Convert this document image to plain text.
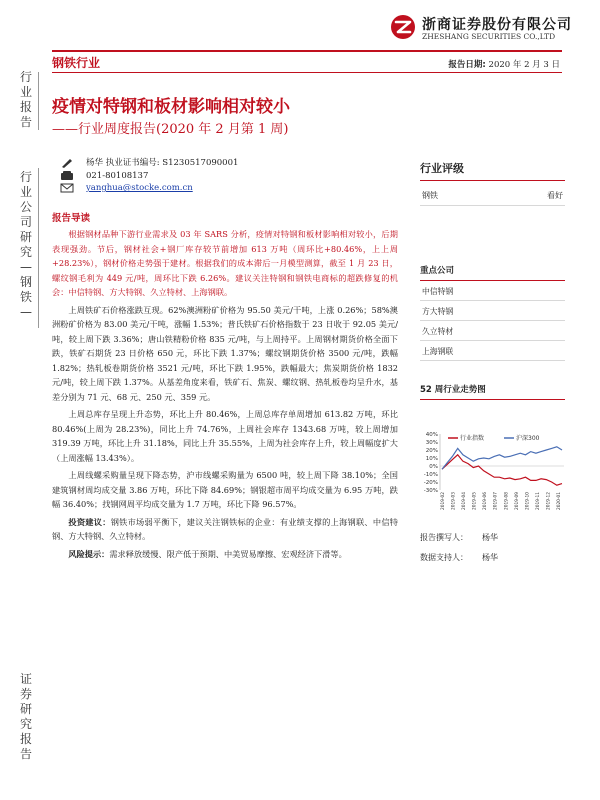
浙商证券股份有限公司
ZHESHANG SECURITIES CO.,LTD
钢铁行业	报告日期: 2020 年 2 月 3 日
行
业
报
告
行
业
公
司
研
究
—
钢
铁
—
证
券
研
究
报
告
疫情对特钢和板材影响相对较小
——行业周度报告(2020 年 2 月第 1 周)
杨华 执业证书编号: S1230517090001
021-80108137
yanghua@stocke.com.cn
报告导读

根据钢材品种下游行业需求及 03 年 SARS 分析，疫情对特钢和板材影响相对较小，后期表现强劲。节后，钢材社会+钢厂库存较节前增加 613 万吨（周环比+80.46%，上上周+28.23%），钢材价格走势强于建材。根据我们的成本滞后一月模型测算，截至 1 月 23 日，螺纹钢毛利为 449 元/吨，周环比下跌 6.26%。建议关注特钢和钢铁电商标的超跌修复的机会：中信特钢、方大特钢、久立特材、上海钢联。

上周铁矿石价格涨跌互现。62%澳洲粉矿价格为 95.50 美元/干吨，上涨 0.26%；58%澳洲粉矿价格为 83.00 美元/干吨，涨幅 1.53%；普氏铁矿石价格指数于 23 日收于 92.05 美元/吨，较上周下跌 3.36%；唐山铁精粉价格 835 元/吨，与上周持平。上周钢材期货价格全面下跌，铁矿石期货 23 日价格 650 元，环比下跌 1.37%；螺纹钢期货价格 3500 元/吨，跌幅 1.82%；热轧板卷期货价格 3521 元/吨，环比下跌 1.95%，跌幅最大；焦炭期货价格 1832 元/吨，较上周下跌 1.37%。从基差角度来看，铁矿石、焦炭、螺纹钢、热轧板卷均呈升水，基差分别为 71 元、68 元、250 元、359 元。

上周总库存呈现上升态势，环比上升 80.46%，上周总库存单周增加 613.82 万吨，环比 80.46%(上周为 28.23%)，同比上升 74.76%，上周社会库存 1343.68 万吨，较上周增加 319.39 万吨，环比上升 31.18%，同比上升 35.55%，上周为社会库存上升，较上周幅度扩大（上周涨幅 13.43%）。

上周线螺采购量呈现下降态势，沪市线螺采购量为 6500 吨，较上周下降 38.10%；全国建筑钢材周均成交量 3.86 万吨，环比下降 84.69%；钢银超市周平均成交量为 6.95 万吨，跌幅 36.40%；找钢网周平均成交量为 1.7 万吨，环比下降 96.57%。

投资建议：钢铁市场弱平衡下，建议关注钢铁标的企业：有业绩支撑的上海钢联、中信特钢、方大特钢、久立特材。

风险提示：需求释放缓慢、限产低于预期、中美贸易摩擦、宏观经济下滑等。

行业评级
钢铁	看好
重点公司
中信特钢
方大特钢
久立特材
上海钢联
52 周行业走势图
40%
30%
20%
10%
0%
-10%
-20%
-30%
2019-02 2019-03 2019-04 2019-05 2019-06 2019-07 2019-08 2019-09 2019-10 2019-11 2019-12 2020-01
行业指数	沪深300
报告撰写人： 杨华
数据支持人： 杨华
